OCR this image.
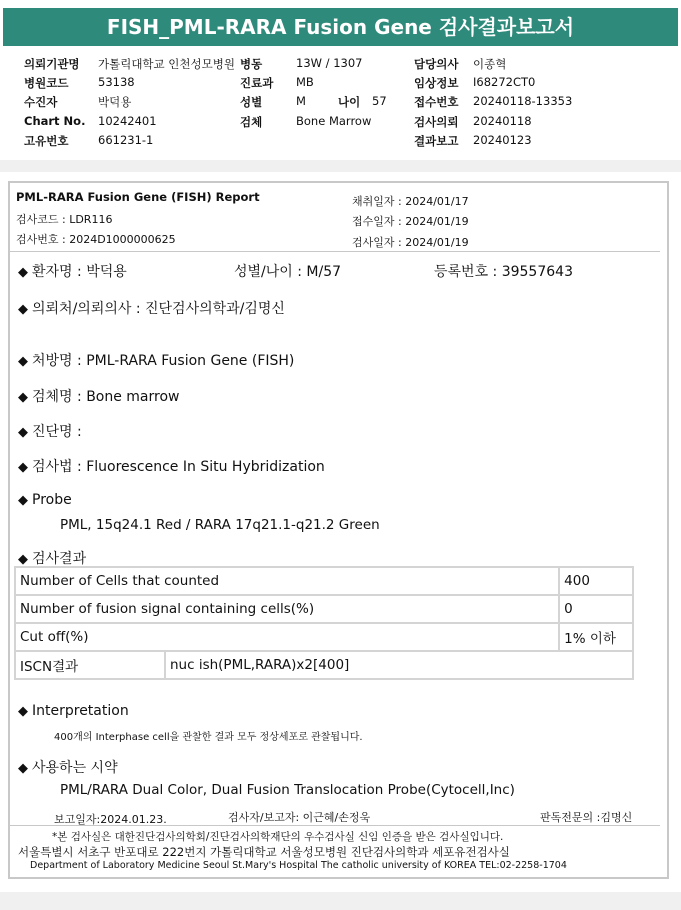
FISH_PML-RARA Fusion Gene 검사결과보고서
의뢰기관명 가톨릭대학교 인천성모병원 병동	13W / 1307	담당의사 이종혁
병원코드	53138	진료과 MB	임상정보 I68272CT0
수진자	박덕용	성별	M	나이 57 접수번호 20240118-13353
Chart No. 10242401	검체	Bone Marrow	검사의뢰 20240118
고유번호	661231-1	결과보고 20240123
PML-RARA Fusion Gene (FISH) Report
검사코드 : LDR116
검사번호 : 2024D1000000625
채취일자 : 2024/01/17
접수일자 : 2024/01/19
검사일자 : 2024/01/19
◆ 환자명 : 박덕용	성별/나이 : M/57	등록번호 : 39557643
◆ 의뢰처/의뢰의사 : 진단검사의학과/김명신
◆ 처방명 : PML-RARA Fusion Gene (FISH)
◆ 검체명 : Bone marrow
◆ 진단명 :
◆ 검사법 : Fluorescence In Situ Hybridization
◆ Probe
PML, 15q24.1 Red / RARA 17q21.1-q21.2 Green
◆ 검사결과
Number of Cells that counted		400
Number of fusion signal containing cells(%)		0
Cut off(%)		1% 이하
ISCN결과	nuc ish(PML,RARA)x2[400]	
◆ Interpretation
400개의 Interphase cell을 관찰한 결과 모두 정상세포로 관찰됩니다.
◆ 사용하는 시약
PML/RARA Dual Color, Dual Fusion Translocation Probe(Cytocell,Inc)
보고일자:2024.01.23.	검사자/보고자: 이근혜/손정욱	판독전문의 :김명신
*본 검사실은 대한진단검사의학회/진단검사의학재단의 우수검사실 신임 인증을 받은 검사실입니다.
서울특별시 서초구 반포대로 222번지 가톨릭대학교 서울성모병원 진단검사의학과 세포유전검사실
Department of Laboratory Medicine Seoul St.Mary's Hospital The catholic university of KOREA TEL:02-2258-1704
